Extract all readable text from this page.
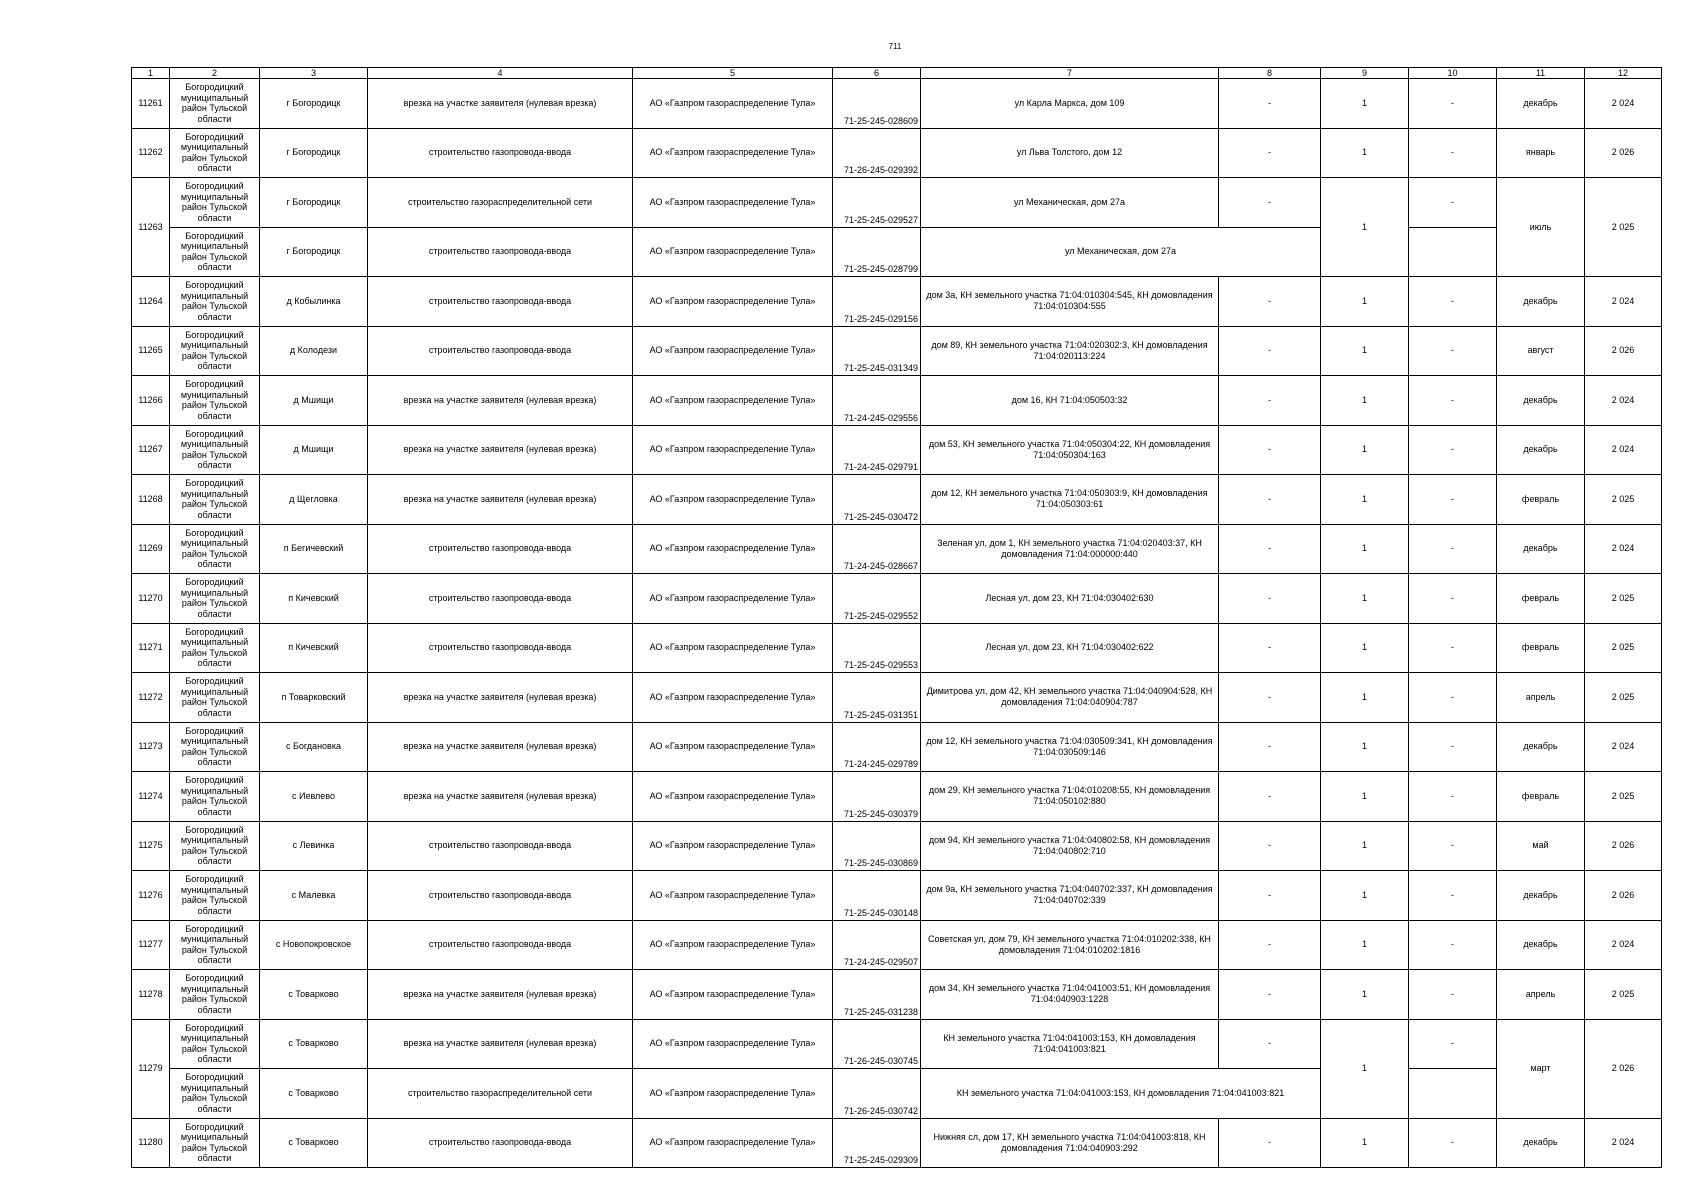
711
1	2	3	4	5	6	7	8	9	10	11	12
11261	Богородицкий муниципальный район Тульской области	г Богородицк	врезка на участке заявителя (нулевая врезка)	АО «Газпром газораспределение Тула»	71-25-245-028609	ул Карла Маркса, дом 109	-	1	-	декабрь	2 024
11262	Богородицкий муниципальный район Тульской области	г Богородицк	строительство газопровода-ввода	АО «Газпром газораспределение Тула»	71-26-245-029392	ул Льва Толстого, дом 12	-	1	-	январь	2 026
11263	Богородицкий муниципальный район Тульской области	г Богородицк	строительство газораспределительной сети	АО «Газпром газораспределение Тула»	71-25-245-029527	ул Механическая, дом 27а	-	1	-	июль	2 025
	Богородицкий муниципальный район Тульской области	г Богородицк	строительство газопровода-ввода	АО «Газпром газораспределение Тула»	71-25-245-028799	ул Механическая, дом 27а					
11264	Богородицкий муниципальный район Тульской области	д Кобылинка	строительство газопровода-ввода	АО «Газпром газораспределение Тула»	71-25-245-029156	дом 3а, КН земельного участка 71:04:010304:545, КН домовладения 71:04:010304:555	-	1	-	декабрь	2 024
11265	Богородицкий муниципальный район Тульской области	д Колодези	строительство газопровода-ввода	АО «Газпром газораспределение Тула»	71-25-245-031349	дом 89, КН земельного участка 71:04:020302:3, КН домовладения 71:04:020113:224	-	1	-	август	2 026
11266	Богородицкий муниципальный район Тульской области	д Мшищи	врезка на участке заявителя (нулевая врезка)	АО «Газпром газораспределение Тула»	71-24-245-029556	дом 16, КН 71:04:050503:32	-	1	-	декабрь	2 024
11267	Богородицкий муниципальный район Тульской области	д Мшищи	врезка на участке заявителя (нулевая врезка)	АО «Газпром газораспределение Тула»	71-24-245-029791	дом 53, КН земельного участка 71:04:050304:22, КН домовладения 71:04:050304:163	-	1	-	декабрь	2 024
11268	Богородицкий муниципальный район Тульской области	д Щегловка	врезка на участке заявителя (нулевая врезка)	АО «Газпром газораспределение Тула»	71-25-245-030472	дом 12, КН земельного участка 71:04:050303:9, КН домовладения 71:04:050303:61	-	1	-	февраль	2 025
11269	Богородицкий муниципальный район Тульской области	п Бегичевский	строительство газопровода-ввода	АО «Газпром газораспределение Тула»	71-24-245-028667	Зеленая ул, дом 1, КН земельного участка 71:04:020403:37, КН домовладения 71:04:000000:440	-	1	-	декабрь	2 024
11270	Богородицкий муниципальный район Тульской области	п Кичевский	строительство газопровода-ввода	АО «Газпром газораспределение Тула»	71-25-245-029552	Лесная ул, дом 23, КН 71:04:030402:630	-	1	-	февраль	2 025
11271	Богородицкий муниципальный район Тульской области	п Кичевский	строительство газопровода-ввода	АО «Газпром газораспределение Тула»	71-25-245-029553	Лесная ул, дом 23, КН 71:04:030402:622	-	1	-	февраль	2 025
11272	Богородицкий муниципальный район Тульской области	п Товарковский	врезка на участке заявителя (нулевая врезка)	АО «Газпром газораспределение Тула»	71-25-245-031351	Димитрова ул, дом 42, КН земельного участка 71:04:040904:528, КН домовладения 71:04:040904:787	-	1	-	апрель	2 025
11273	Богородицкий муниципальный район Тульской области	с Богдановка	врезка на участке заявителя (нулевая врезка)	АО «Газпром газораспределение Тула»	71-24-245-029789	дом 12, КН земельного участка 71:04:030509:341, КН домовладения 71:04:030509:146	-	1	-	декабрь	2 024
11274	Богородицкий муниципальный район Тульской области	с Иевлево	врезка на участке заявителя (нулевая врезка)	АО «Газпром газораспределение Тула»	71-25-245-030379	дом 29, КН земельного участка 71:04:010208:55, КН домовладения 71:04:050102:880	-	1	-	февраль	2 025
11275	Богородицкий муниципальный район Тульской области	с Левинка	строительство газопровода-ввода	АО «Газпром газораспределение Тула»	71-25-245-030869	дом 94, КН земельного участка 71:04:040802:58, КН домовладения 71:04:040802:710	-	1	-	май	2 026
11276	Богородицкий муниципальный район Тульской области	с Малевка	строительство газопровода-ввода	АО «Газпром газораспределение Тула»	71-25-245-030148	дом 9а, КН земельного участка 71:04:040702:337, КН домовладения 71:04:040702:339	-	1	-	декабрь	2 026
11277	Богородицкий муниципальный район Тульской области	с Новопокровское	строительство газопровода-ввода	АО «Газпром газораспределение Тула»	71-24-245-029507	Советская ул, дом 79, КН земельного участка 71:04:010202:338, КН домовладения 71:04:010202:1816	-	1	-	декабрь	2 024
11278	Богородицкий муниципальный район Тульской области	с Товарково	врезка на участке заявителя (нулевая врезка)	АО «Газпром газораспределение Тула»	71-25-245-031238	дом 34, КН земельного участка 71:04:041003:51, КН домовладения 71:04:040903:1228	-	1	-	апрель	2 025
11279	Богородицкий муниципальный район Тульской области	с Товарково	врезка на участке заявителя (нулевая врезка)	АО «Газпром газораспределение Тула»	71-26-245-030745	КН земельного участка 71:04:041003:153, КН домовладения 71:04:041003:821	-	1	-	март	2 026
	Богородицкий муниципальный район Тульской области	с Товарково	строительство газораспределительной сети	АО «Газпром газораспределение Тула»	71-26-245-030742	КН земельного участка 71:04:041003:153, КН домовладения 71:04:041003:821					
11280	Богородицкий муниципальный район Тульской области	с Товарково	строительство газопровода-ввода	АО «Газпром газораспределение Тула»	71-25-245-029309	Нижняя сл, дом 17, КН земельного участка 71:04:041003:818, КН домовладения 71:04:040903:292	-	1	-	декабрь	2 024
